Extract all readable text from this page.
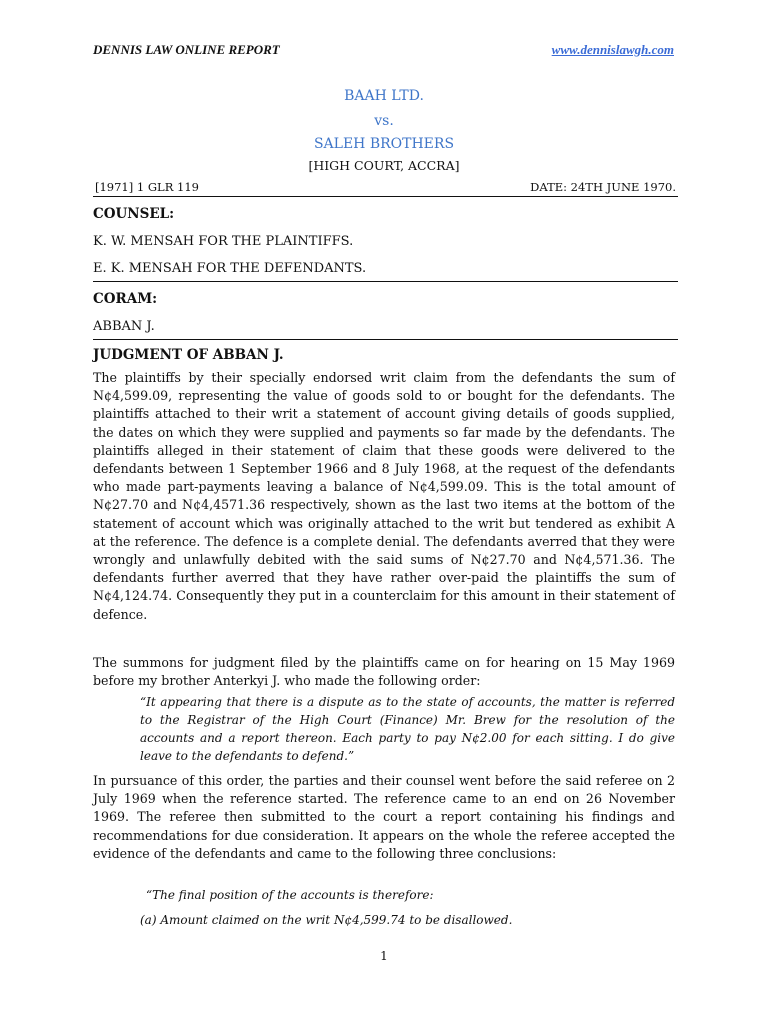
DENNIS LAW ONLINE REPORT	www.dennislawgh.com
BAAH LTD.
vs.
SALEH BROTHERS
[HIGH COURT, ACCRA]
[1971] 1 GLR 119	DATE: 24TH JUNE 1970.
COUNSEL:
K. W. MENSAH FOR THE PLAINTIFFS.
E. K. MENSAH FOR THE DEFENDANTS.
CORAM:
ABBAN J.
JUDGMENT OF ABBAN J.

The plaintiffs by their specially endorsed writ claim from the defendants the sum of N¢4,599.09, representing the value of goods sold to or bought for the defendants. The plaintiffs attached to their writ a statement of account giving details of goods supplied, the dates on which they were supplied and payments so far made by the defendants. The plaintiffs alleged in their statement of claim that these goods were delivered to the defendants between 1 September 1966 and 8 July 1968, at the request of the defendants who made part-payments leaving a balance of N¢4,599.09. This is the total amount of N¢27.70 and N¢4,4571.36 respectively, shown as the last two items at the bottom of the statement of account which was originally attached to the writ but tendered as exhibit A at the reference. The defence is a complete denial. The defendants averred that they were wrongly and unlawfully debited with the said sums of N¢27.70 and N¢4,571.36. The defendants further averred that they have rather over-paid the plaintiffs the sum of N¢4,124.74. Consequently they put in a counterclaim for this amount in their statement of defence.

The summons for judgment filed by the plaintiffs came on for hearing on 15 May 1969 before my brother Anterkyi J. who made the following order:

“It appearing that there is a dispute as to the state of accounts, the matter is referred to the Registrar of the High Court (Finance) Mr. Brew for the resolution of the accounts and a report thereon. Each party to pay N¢2.00 for each sitting. I do give leave to the defendants to defend.”

In pursuance of this order, the parties and their counsel went before the said referee on 2 July 1969 when the reference started. The reference came to an end on 26 November 1969. The referee then submitted to the court a report containing his findings and recommendations for due consideration. It appears on the whole the referee accepted the evidence of the defendants and came to the following three conclusions:

“The final position of the accounts is therefore:

(a) Amount claimed on the writ N¢4,599.74 to be disallowed.

1
